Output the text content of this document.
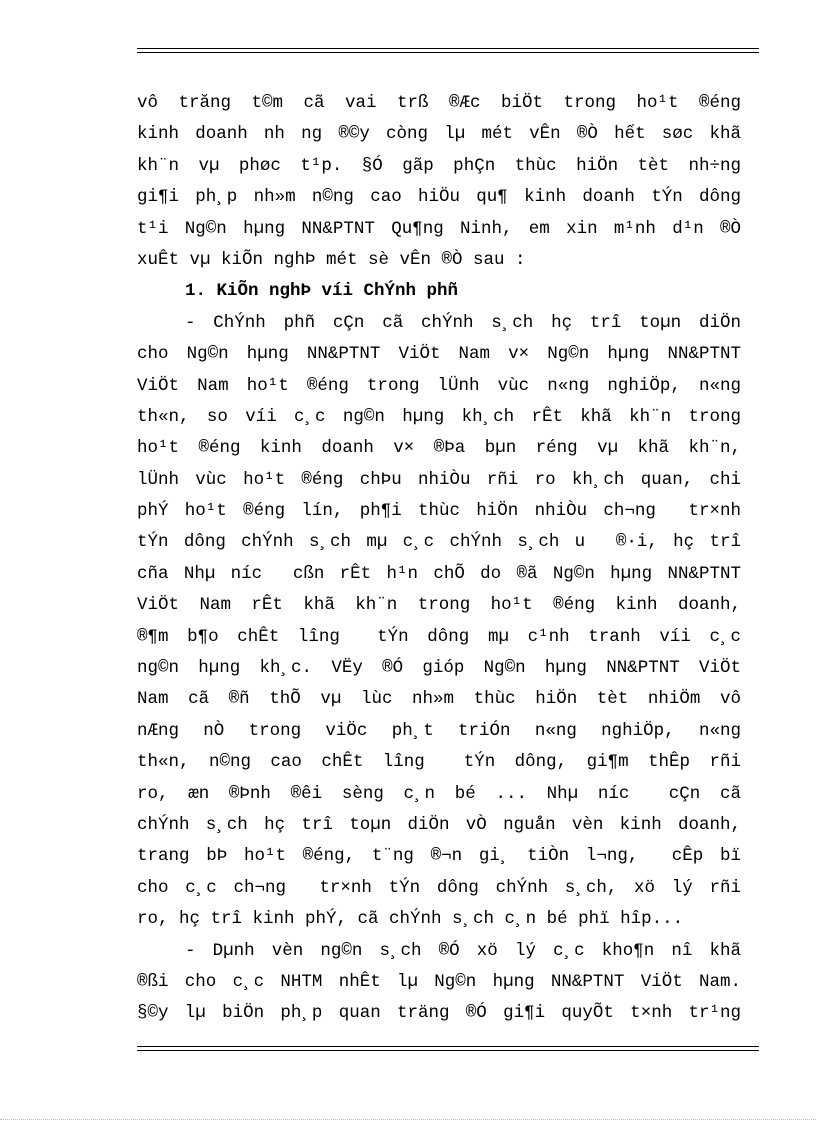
vô trăng t©m cã vai trß ®Æc biÖt trong ho¹t ®éng
kinh doanh nh ng ®©y còng lµ mét vÊn ®Ò hết søc khã
kh¨n vµ phøc t¹p. §Ó gãp phÇn thùc hiÖn tèt nh÷ng
gi¶i ph¸p nh»m n©ng cao hiÖu qu¶ kinh doanh tÝn dông
t¹i Ng©n hµng NN&PTNT Qu¶ng Ninh, em xin m¹nh d¹n ®Ò
xuÊt vµ kiÕn nghÞ mét sè vÊn ®Ò sau :
1. KiÕn nghÞ víi ChÝnh phñ
- ChÝnh phñ cÇn cã chÝnh s¸ch hç trî toµn diÖn
cho Ng©n hµng NN&PTNT ViÖt Nam v× Ng©n hµng NN&PTNT
ViÖt Nam ho¹t ®éng trong lÜnh vùc n«ng nghiÖp, n«ng
th«n, so víi c¸c ng©n hµng kh¸ch rÊt khã kh¨n trong
ho¹t ®éng kinh doanh v× ®Þa bµn réng vµ khã kh¨n,
lÜnh vùc ho¹t ®éng chÞu nhiÒu rñi ro kh¸ch quan, chi
phÝ ho¹t ®éng lín, ph¶i thùc hiÖn nhiÒu ch¬ng  tr×nh
tÝn dông chÝnh s¸ch mµ c¸c chÝnh s¸ch u  ®·i, hç trî
cña Nhµ níc  cßn rÊt h¹n chÕ do ®ã Ng©n hµng NN&PTNT
ViÖt Nam rÊt khã kh¨n trong ho¹t ®éng kinh doanh,
®¶m b¶o chÊt lîng  tÝn dông mµ c¹nh tranh víi c¸c
ng©n hµng kh¸c. VËy ®Ó gióp Ng©n hµng NN&PTNT ViÖt
Nam cã ®ñ thÕ vµ lùc nh»m thùc hiÖn tèt nhiÖm vô
nÆng nÒ trong viÖc ph¸t triÓn n«ng nghiÖp, n«ng
th«n, n©ng cao chÊt lîng  tÝn dông, gi¶m thÊp rñi
ro, æn ®Þnh ®êi sèng c¸n bé ... Nhµ níc  cÇn cã
chÝnh s¸ch hç trî toµn diÖn vÒ nguån vèn kinh doanh,
trang bÞ ho¹t ®éng, t¨ng ®¬n gi¸ tiÒn l¬ng,  cÊp bï
cho c¸c ch¬ng  tr×nh tÝn dông chÝnh s¸ch, xö lý rñi
ro, hç trî kinh phÝ, cã chÝnh s¸ch c¸n bé phï hîp...
- Dµnh vèn ng©n s¸ch ®Ó xö lý c¸c kho¶n nî khã
®ßi cho c¸c NHTM nhÊt lµ Ng©n hµng NN&PTNT ViÖt Nam.
§©y lµ biÖn ph¸p quan träng ®Ó gi¶i quyÕt t×nh tr¹ng
